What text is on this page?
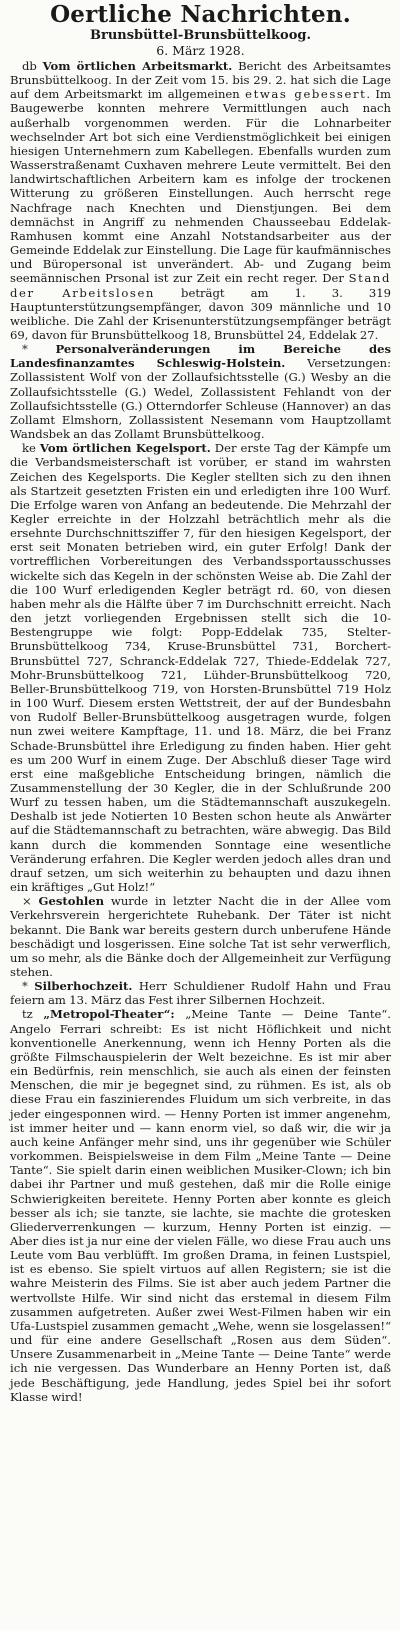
Oertliche Nachrichten.
Brunsbüttel-Brunsbüttelkoog.
6. März 1928.

db Vom örtlichen Arbeitsmarkt. Bericht des Arbeitsamtes Brunsbüttelkoog. In der Zeit vom 15. bis 29. 2. hat sich die Lage auf dem Arbeitsmarkt im allgemeinen etwas gebessert. Im Baugewerbe konnten mehrere Vermittlungen auch nach außerhalb vorgenommen werden. Für die Lohnarbeiter wechselnder Art bot sich eine Verdienstmöglichkeit bei einigen hiesigen Unternehmern zum Kabellegen. Ebenfalls wurden zum Wasserstraßenamt Cuxhaven mehrere Leute vermittelt. Bei den landwirtschaftlichen Arbeitern kam es infolge der trockenen Witterung zu größeren Einstellungen. Auch herrscht rege Nachfrage nach Knechten und Dienstjungen. Bei dem demnächst in Angriff zu nehmenden Chausseebau Eddelak-Ramhusen kommt eine Anzahl Notstandsarbeiter aus der Gemeinde Eddelak zur Einstellung. Die Lage für kaufmännisches und Büropersonal ist unverändert. Ab- und Zugang beim seemännischen Prsonal ist zur Zeit ein recht reger. Der Stand der Arbeitslosen beträgt am 1. 3. 319 Hauptunterstützungsempfänger, davon 309 männliche und 10 weibliche. Die Zahl der Krisenunterstützungsempfänger beträgt 69, davon für Brunsbüttelkoog 18, Brunsbüttel 24, Eddelak 27.

* Personalveränderungen im Bereiche des Landesfinanzamtes Schleswig-Holstein. Versetzungen: Zollassistent Wolf von der Zollaufsichtsstelle (G.) Wesby an die Zollaufsichtsstelle (G.) Wedel, Zollassistent Fehlandt von der Zollaufsichtsstelle (G.) Otterndorfer Schleuse (Hannover) an das Zollamt Elmshorn, Zollassistent Nesemann vom Hauptzollamt Wandsbek an das Zollamt Brunsbüttelkoog.

ke Vom örtlichen Kegelsport. Der erste Tag der Kämpfe um die Verbandsmeisterschaft ist vorüber, er stand im wahrsten Zeichen des Kegelsports. Die Kegler stellten sich zu den ihnen als Startzeit gesetzten Fristen ein und erledigten ihre 100 Wurf. Die Erfolge waren von Anfang an bedeutende. Die Mehrzahl der Kegler erreichte in der Holzzahl beträchtlich mehr als die ersehnte Durchschnittsziffer 7, für den hiesigen Kegelsport, der erst seit Monaten betrieben wird, ein guter Erfolg! Dank der vortrefflichen Vorbereitungen des Verbandssportausschusses wickelte sich das Kegeln in der schönsten Weise ab. Die Zahl der die 100 Wurf erledigenden Kegler beträgt rd. 60, von diesen haben mehr als die Hälfte über 7 im Durchschnitt erreicht. Nach den jetzt vorliegenden Ergebnissen stellt sich die 10-Bestengruppe wie folgt: Popp-Eddelak 735, Stelter-Brunsbüttelkoog 734, Kruse-Brunsbüttel 731, Borchert-Brunsbüttel 727, Schranck-Eddelak 727, Thiede-Eddelak 727, Mohr-Brunsbüttelkoog 721, Lühder-Brunsbüttelkoog 720, Beller-Brunsbüttelkoog 719, von Horsten-Brunsbüttel 719 Holz in 100 Wurf. Diesem ersten Wettstreit, der auf der Bundesbahn von Rudolf Beller-Brunsbüttelkoog ausgetragen wurde, folgen nun zwei weitere Kampftage, 11. und 18. März, die bei Franz Schade-Brunsbüttel ihre Erledigung zu finden haben. Hier geht es um 200 Wurf in einem Zuge. Der Abschluß dieser Tage wird erst eine maßgebliche Entscheidung bringen, nämlich die Zusammenstellung der 30 Kegler, die in der Schlußrunde 200 Wurf zu tessen haben, um die Städtemannschaft auszukegeln. Deshalb ist jede Notierten 10 Besten schon heute als Anwärter auf die Städtemannschaft zu betrachten, wäre abwegig. Das Bild kann durch die kommenden Sonntage eine wesentliche Veränderung erfahren. Die Kegler werden jedoch alles dran und drauf setzen, um sich weiterhin zu behaupten und dazu ihnen ein kräftiges „Gut Holz!“

× Gestohlen wurde in letzter Nacht die in der Allee vom Verkehrsverein hergerichtete Ruhebank. Der Täter ist nicht bekannt. Die Bank war bereits gestern durch unberufene Hände beschädigt und losgerissen. Eine solche Tat ist sehr verwerflich, um so mehr, als die Bänke doch der Allgemeinheit zur Verfügung stehen.

* Silberhochzeit. Herr Schuldiener Rudolf Hahn und Frau feiern am 13. März das Fest ihrer Silbernen Hochzeit.

tz „Metropol-Theater“: „Meine Tante — Deine Tante“. Angelo Ferrari schreibt: Es ist nicht Höflichkeit und nicht konventionelle Anerkennung, wenn ich Henny Porten als die größte Filmschauspielerin der Welt bezeichne. Es ist mir aber ein Bedürfnis, rein menschlich, sie auch als einen der feinsten Menschen, die mir je begegnet sind, zu rühmen. Es ist, als ob diese Frau ein faszinierendes Fluidum um sich verbreite, in das jeder eingesponnen wird. — Henny Porten ist immer angenehm, ist immer heiter und — kann enorm viel, so daß wir, die wir ja auch keine Anfänger mehr sind, uns ihr gegenüber wie Schüler vorkommen. Beispielsweise in dem Film „Meine Tante — Deine Tante“. Sie spielt darin einen weiblichen Musiker-Clown; ich bin dabei ihr Partner und muß gestehen, daß mir die Rolle einige Schwierigkeiten bereitete. Henny Porten aber konnte es gleich besser als ich; sie tanzte, sie lachte, sie machte die grotesken Gliederverrenkungen — kurzum, Henny Porten ist einzig. — Aber dies ist ja nur eine der vielen Fälle, wo diese Frau auch uns Leute vom Bau verblüfft. Im großen Drama, in feinen Lustspiel, ist es ebenso. Sie spielt virtuos auf allen Registern; sie ist die wahre Meisterin des Films. Sie ist aber auch jedem Partner die wertvollste Hilfe. Wir sind nicht das erstemal in diesem Film zusammen aufgetreten. Außer zwei West-Filmen haben wir ein Ufa-Lustspiel zusammen gemacht „Wehe, wenn sie losgelassen!“ und für eine andere Gesellschaft „Rosen aus dem Süden“. Unsere Zusammenarbeit in „Meine Tante — Deine Tante“ werde ich nie vergessen. Das Wunderbare an Henny Porten ist, daß jede Beschäftigung, jede Handlung, jedes Spiel bei ihr sofort Klasse wird!
